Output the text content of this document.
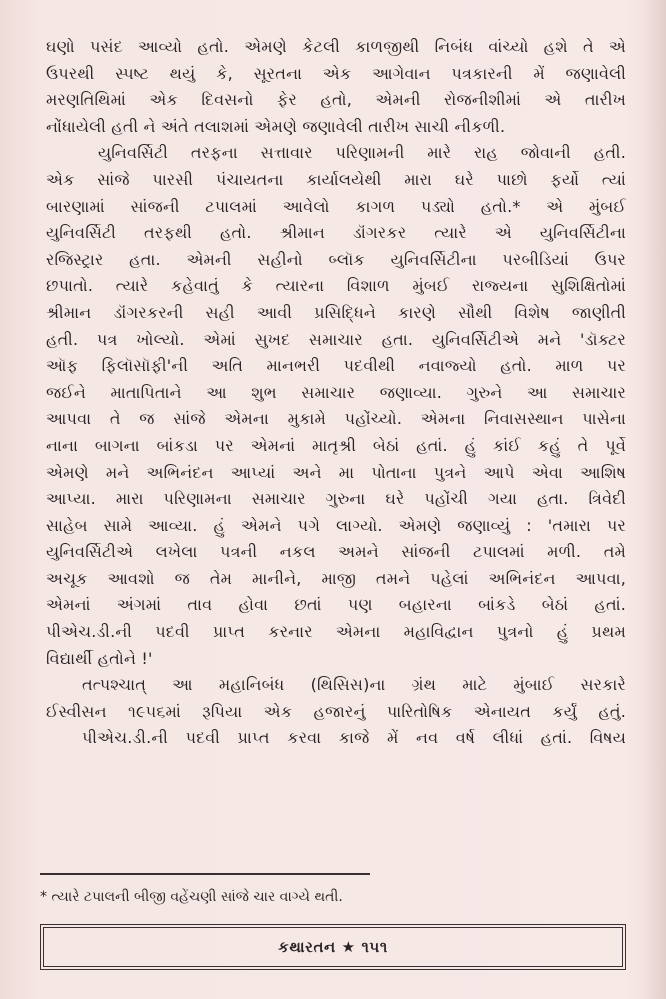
ઘણો પસંદ આવ્યો હતો. એમણે કેટલી કાળજીથી નિબંધ વાંચ્યો હશે તે એ
ઉપરથી સ્પષ્ટ થયું કે, સૂરતના એક આગેવાન પત્રકારની મેં જણાવેલી
મરણતિથિમાં એક દિવસનો ફેર હતો, એમની રોજનીશીમાં એ તારીખ
નોંધાયેલી હતી ને અંતે તલાશમાં એમણે જણાવેલી તારીખ સાચી નીકળી.
યુનિવર્સિટી તરફના સત્તાવાર પરિણામની મારે રાહ જોવાની હતી.
એક સાંજે પારસી પંચાયતના કાર્યાલયેથી મારા ઘરે પાછો ફર્યો ત્યાં
બારણામાં સાંજની ટપાલમાં આવેલો કાગળ પડ્યો હતો.* એ મુંબઈ
યુનિવર્સિટી તરફથી હતો. શ્રીમાન ડૉંગરકર ત્યારે એ યુનિવર્સિટીના
રજિસ્ટ્રાર હતા. એમની સહીનો બ્લૉક યુનિવર્સિટીના પરબીડિયાં ઉપર
છપાતો. ત્યારે કહેવાતું કે ત્યારના વિશાળ મુંબઈ રાજ્યના સુશિક્ષિતોમાં
શ્રીમાન ડૉંગરકરની સહી આવી પ્રસિદ્ધિને કારણે સૌથી વિશેષ જાણીતી
હતી. પત્ર ખોલ્યો. એમાં સુખદ સમાચાર હતા. યુનિવર્સિટીએ મને 'ડૉક્ટર
ઑફ ફિલૉસૉફી'ની અતિ માનભરી પદવીથી નવાજ્યો હતો. માળ પર
જઈને માતાપિતાને આ શુભ સમાચાર જણાવ્યા. ગુરુને આ સમાચાર
આપવા તે જ સાંજે એમના મુકામે પહોંચ્યો. એમના નિવાસસ્થાન પાસેના
નાના બાગના બાંકડા પર એમનાં માતૃશ્રી બેઠાં હતાં. હું કાંઈ કહું તે પૂર્વે
એમણે મને અભિનંદન આપ્યાં અને મા પોતાના પુત્રને આપે એવા આશિષ
આપ્યા. મારા પરિણામના સમાચાર ગુરુના ઘરે પહોંચી ગયા હતા. ત્રિવેદી
સાહેબ સામે આવ્યા. હું એમને પગે લાગ્યો. એમણે જણાવ્યું : 'તમારા પર
યુનિવર્સિટીએ લખેલા પત્રની નકલ અમને સાંજની ટપાલમાં મળી. તમે
અચૂક આવશો જ તેમ માનીને, માજી તમને પહેલાં અભિનંદન આપવા,
એમનાં અંગમાં તાવ હોવા છતાં પણ બહારના બાંકડે બેઠાં હતાં.
પીએચ.ડી.ની પદવી પ્રાપ્ત કરનાર એમના મહાવિદ્વાન પુત્રનો હું પ્રથમ
વિદ્યાર્થી હતોને !'
તત્પશ્ચાત્ આ મહાનિબંધ (થિસિસ)ના ગ્રંથ માટે મુંબાઈ સરકારે
ઈસ્વીસન ૧૯૫૬માં રૂપિયા એક હજારનું પારિતોષિક એનાયત કર્યું હતું.
પીએચ.ડી.ની પદવી પ્રાપ્ત કરવા કાજે મેં નવ વર્ષ લીધાં હતાં. વિષય
* ત્યારે ટપાલની બીજી વહેંચણી સાંજે ચાર વાગ્યે થતી.
કથારતન ★ ૧૫૧
